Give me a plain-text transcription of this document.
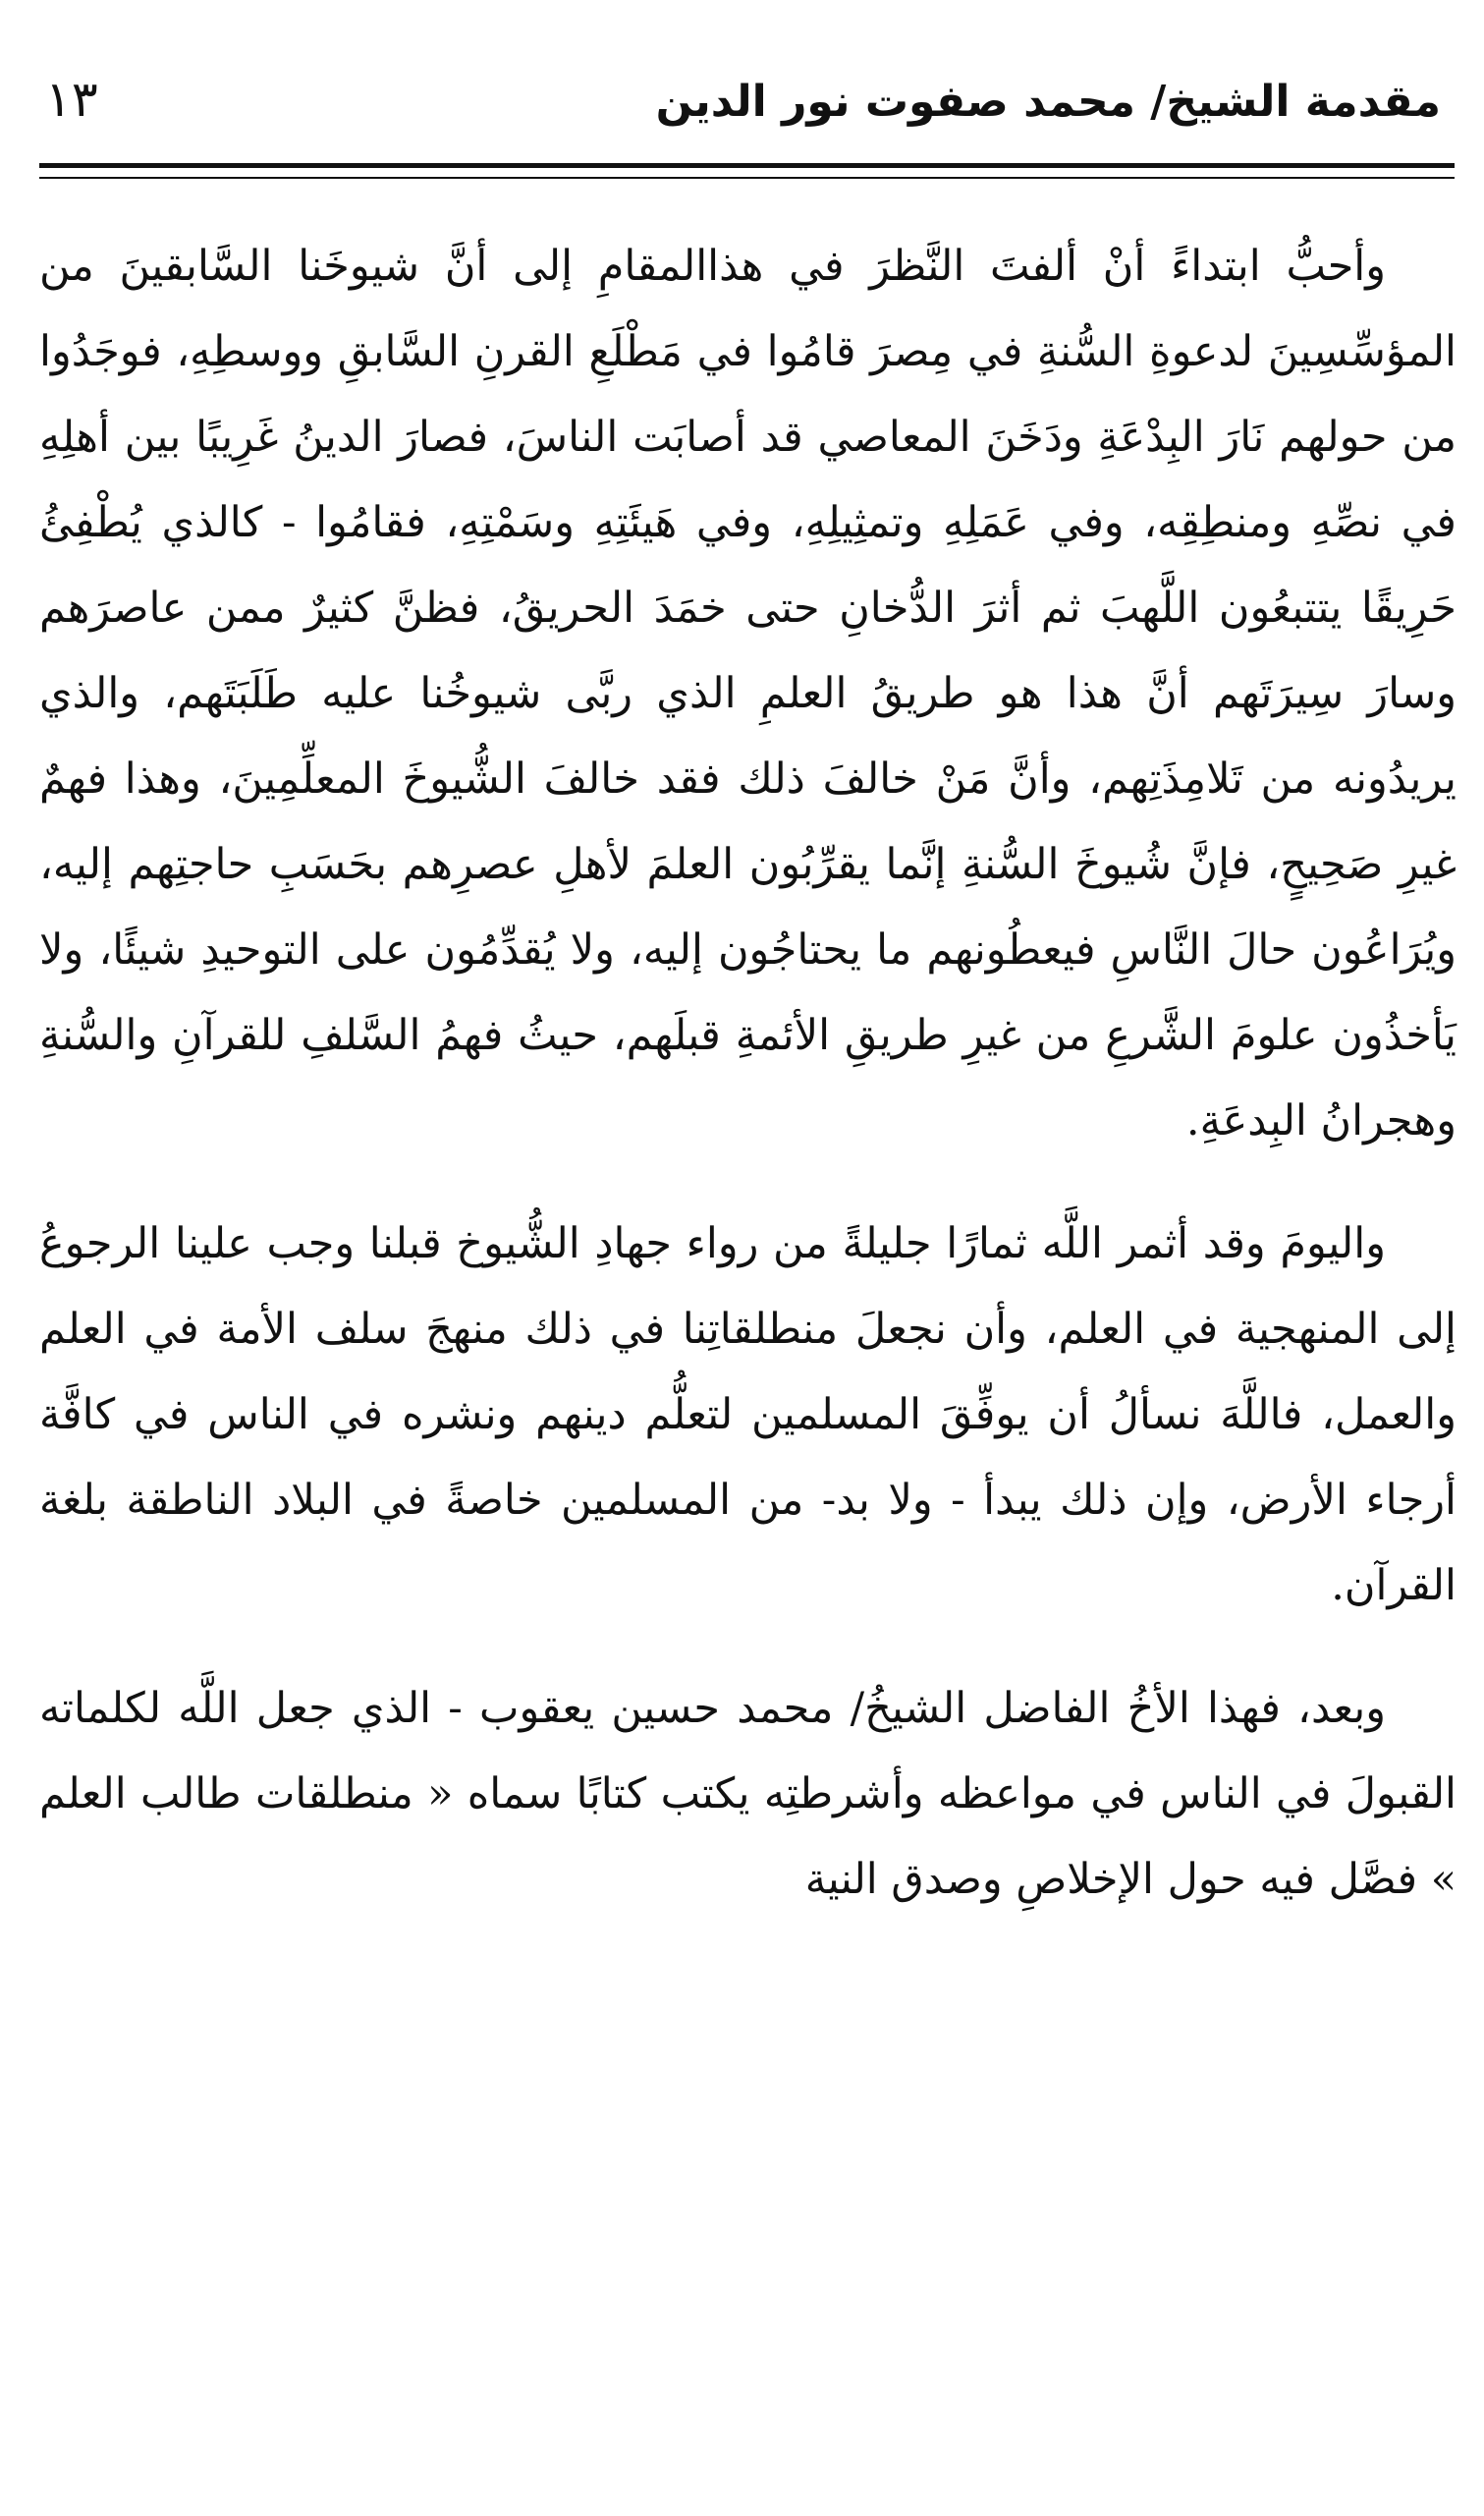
مقدمة الشيخ/ محمد صفوت نور الدين
١٣

وأحبُّ ابتداءً أنْ ألفتَ النَّظرَ في هذاالمقامِ إلى أنَّ شيوخَنا السَّابقينَ من المؤسِّسِينَ لدعوةِ السُّنةِ في مِصرَ قامُوا في مَطْلَعِ القرنِ السَّابقِ ووسطِهِ، فوجَدُوا من حولهم نَارَ البِدْعَةِ ودَخَنَ المعاصي قد أصابَت الناسَ، فصارَ الدينُ غَرِيبًا بين أهلِهِ في نصِّهِ ومنطِقِه، وفي عَمَلِهِ وتمثِيلِهِ، وفي هَيئَتِهِ وسَمْتِهِ، فقامُوا - كالذي يُطْفِئُ حَرِيقًا يتتبعُون اللَّهبَ ثم أثرَ الدُّخانِ حتى خمَدَ الحريقُ، فظنَّ كثيرٌ ممن عاصرَهم وسارَ سِيرَتَهم أنَّ هذا هو طريقُ العلمِ الذي ربَّى شيوخُنا عليه طَلَبَتَهم، والذي يريدُونه من تَلامِذَتِهم، وأنَّ مَنْ خالفَ ذلك فقد خالفَ الشُّيوخَ المعلِّمِينَ، وهذا فهمٌ غيرِ صَحِيحٍ، فإنَّ شُيوخَ السُّنةِ إنَّما يقرِّبُون العلمَ لأهلِ عصرِهم بحَسَبِ حاجتِهم إليه، ويُرَاعُون حالَ النَّاسِ فيعطُونهم ما يحتاجُون إليه، ولا يُقدِّمُون على التوحيدِ شيئًا، ولا يَأخذُون علومَ الشَّرعِ من غيرِ طريقِ الأئمةِ قبلَهم، حيثُ فهمُ السَّلفِ للقرآنِ والسُّنةِ وهجرانُ البِدعَةِ.

واليومَ وقد أثمر اللَّه ثمارًا جليلةً من رواء جهادِ الشُّيوخ قبلنا وجب علينا الرجوعُ إلى المنهجية في العلم، وأن نجعلَ منطلقاتِنا في ذلك منهجَ سلف الأمة في العلم والعمل، فاللَّهَ نسألُ أن يوفِّقَ المسلمين لتعلُّم دينهم ونشره في الناس في كافَّة أرجاء الأرض، وإن ذلك يبدأ - ولا بد- من المسلمين خاصةً في البلاد الناطقة بلغة القرآن.

وبعد، فهذا الأخُ الفاضل الشيخُ/ محمد حسين يعقوب - الذي جعل اللَّه لكلماته القبولَ في الناس في مواعظه وأشرطتِه يكتب كتابًا سماه « منطلقات طالب العلم » فصَّل فيه حول الإخلاصِ وصدق النية
